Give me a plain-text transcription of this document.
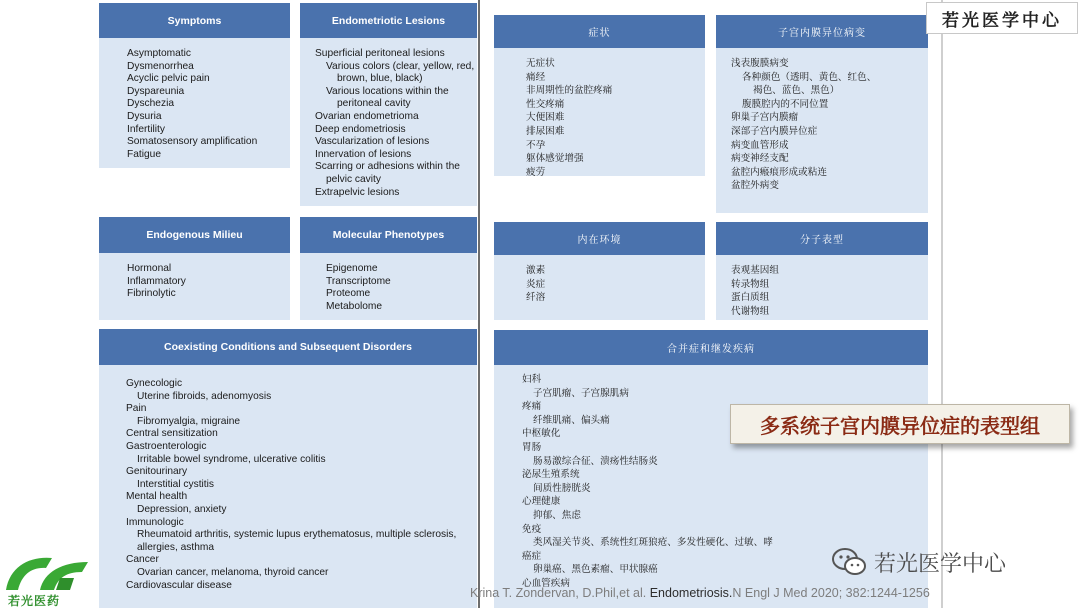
Symptoms
Asymptomatic
Dysmenorrhea
Acyclic pelvic pain
Dyspareunia
Dyschezia
Dysuria
Infertility
Somatosensory amplification
Fatigue
Endometriotic Lesions
Superficial peritoneal lesions
Various colors (clear, yellow, red,
brown, blue, black)
Various locations within the
peritoneal cavity
Ovarian endometrioma
Deep endometriosis
Vascularization of lesions
Innervation of lesions
Scarring or adhesions within the
pelvic cavity
Extrapelvic lesions
Endogenous Milieu
Hormonal
Inflammatory
Fibrinolytic
Molecular Phenotypes
Epigenome
Transcriptome
Proteome
Metabolome
Coexisting Conditions and Subsequent Disorders
Gynecologic
Uterine fibroids, adenomyosis
Pain
Fibromyalgia, migraine
Central sensitization
Gastroenterologic
Irritable bowel syndrome, ulcerative colitis
Genitourinary
Interstitial cystitis
Mental health
Depression, anxiety
Immunologic
Rheumatoid arthritis, systemic lupus erythematosus, multiple sclerosis,
allergies, asthma
Cancer
Ovarian cancer, melanoma, thyroid cancer
Cardiovascular disease
症状
无症状
痛经
非周期性的盆腔疼痛
性交疼痛
大便困难
排尿困难
不孕
躯体感觉增强
疲劳
子宫内膜异位病变
浅表腹膜病变
各种颜色（透明、黄色、红色、
褐色、蓝色、黑色）
腹膜腔内的不同位置
卵巢子宫内膜瘤
深部子宫内膜异位症
病变血管形成
病变神经支配
盆腔内瘢痕形成或粘连
盆腔外病变
内在环境
激素
炎症
纤溶
分子表型
表观基因组
转录物组
蛋白质组
代谢物组
合并症和继发疾病
妇科
子宫肌瘤、子宫腺肌病
疼痛
纤维肌痛、偏头痛
中枢敏化
胃肠
肠易激综合征、溃疡性结肠炎
泌尿生殖系统
间质性膀胱炎
心理健康
抑郁、焦虑
免疫
类风湿关节炎、系统性红斑狼疮、多发性硬化、过敏、哮
癌症
卵巢癌、黑色素瘤、甲状腺癌
心血管疾病
若光医学中心
多系统子宫内膜异位症的表型组
若光医学中心
Krina T. Zondervan, D.Phil,et al. Endometriosis.N Engl J Med 2020; 382:1244-1256
若光医药
